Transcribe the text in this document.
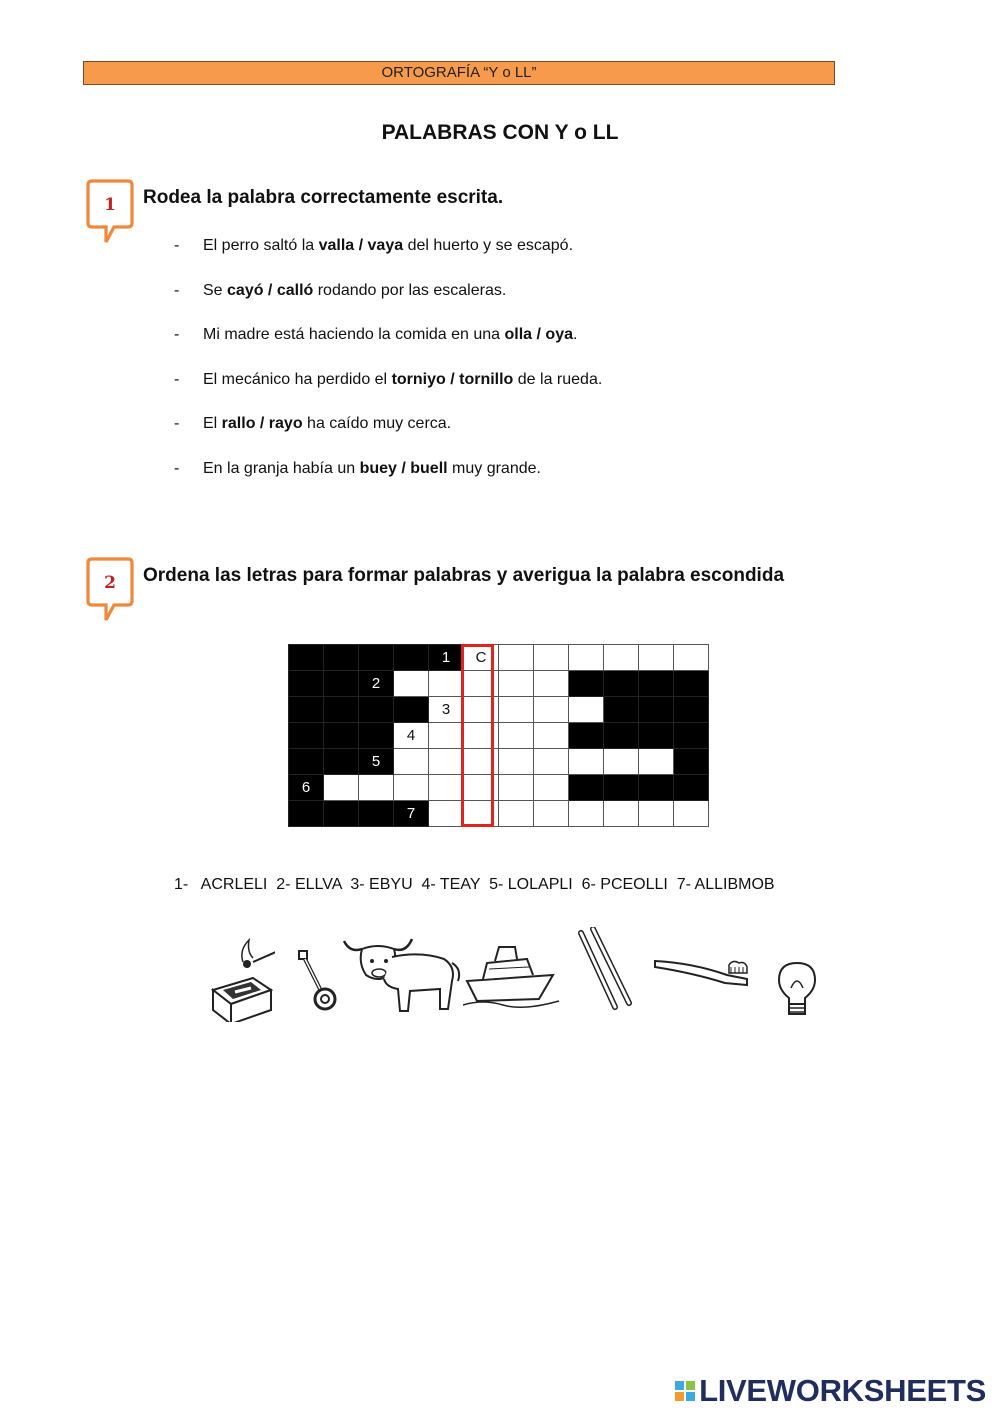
ORTOGRAFÍA “Y o LL”
PALABRAS CON Y o LL
1 Rodea la palabra correctamente escrita.
-	El perro saltó la valla / vaya del huerto y se escapó.
-	Se cayó / calló rodando por las escaleras.
-	Mi madre está haciendo la comida en una olla / oya.
-	El mecánico ha perdido el torniyo / tornillo de la rueda.
-	El rallo / rayo ha caído muy cerca.
-	En la granja había un buey / buell muy grande.
2 Ordena las letras para formar palabras y averigua la palabra escondida

				1	C						

		2									

				3							

			4								

		5									

6											

			7								

1-   ACRLELI  2- ELLVA  3- EBYU  4- TEAY  5- LOLAPLI  6- PCEOLLI  7- ALLIBMOB
LIVEWORKSHEETS
